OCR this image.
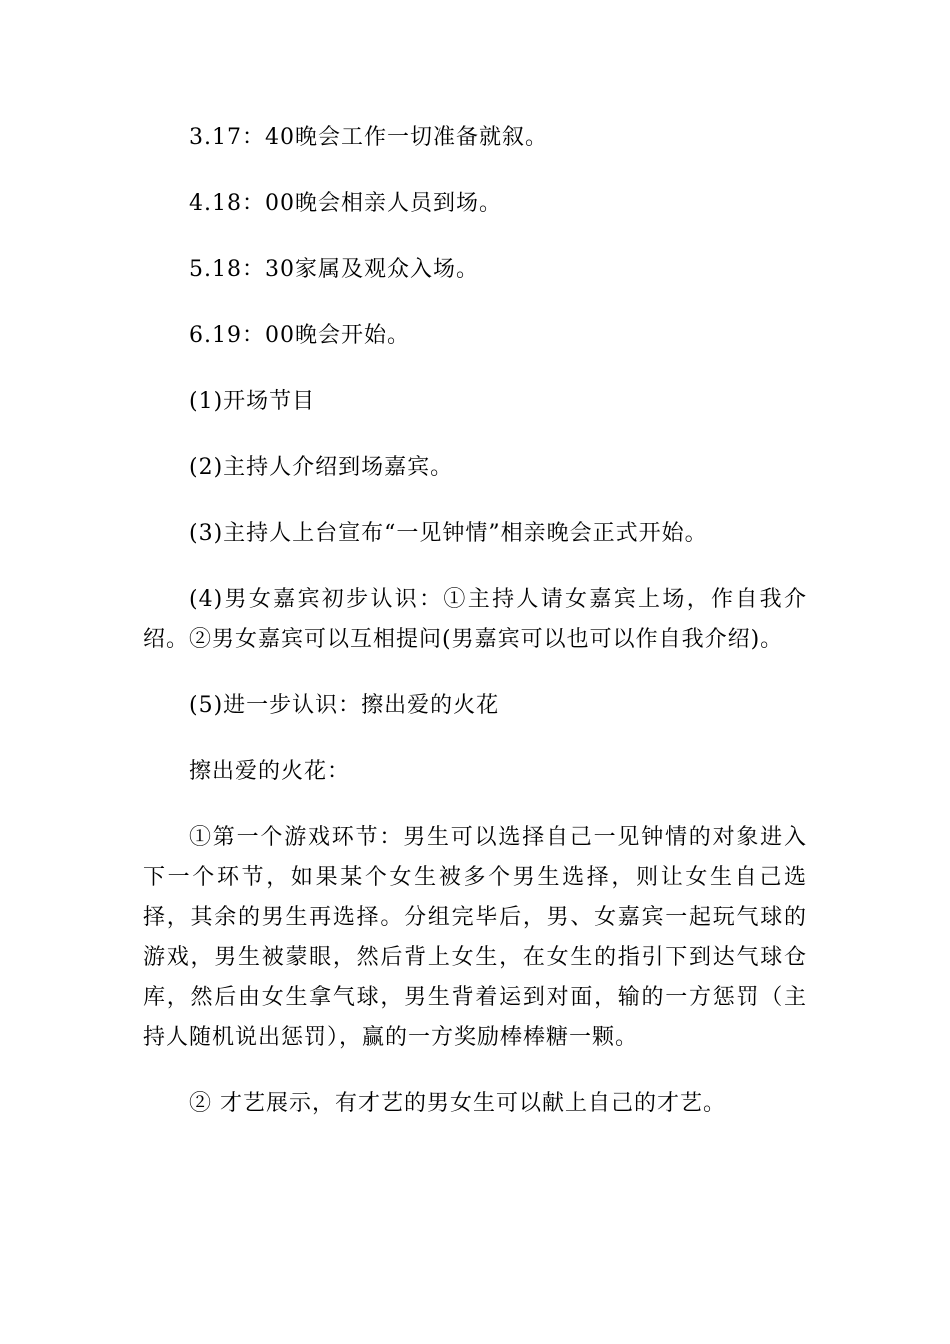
3.17：40晚会工作一切准备就叙。

4.18：00晚会相亲人员到场。

5.18：30家属及观众入场。

6.19：00晚会开始。

(1)开场节目

(2)主持人介绍到场嘉宾。

(3)主持人上台宣布“一见钟情”相亲晚会正式开始。

(4)男女嘉宾初步认识：①主持人请女嘉宾上场，作自我介绍。②男女嘉宾可以互相提问(男嘉宾可以也可以作自我介绍)。

(5)进一步认识：擦出爱的火花

擦出爱的火花：

①第一个游戏环节：男生可以选择自己一见钟情的对象进入下一个环节，如果某个女生被多个男生选择，则让女生自己选择，其余的男生再选择。分组完毕后，男、女嘉宾一起玩气球的游戏，男生被蒙眼，然后背上女生，在女生的指引下到达气球仓库，然后由女生拿气球，男生背着运到对面，输的一方惩罚（主持人随机说出惩罚），赢的一方奖励棒棒糖一颗。

② 才艺展示，有才艺的男女生可以献上自己的才艺。
